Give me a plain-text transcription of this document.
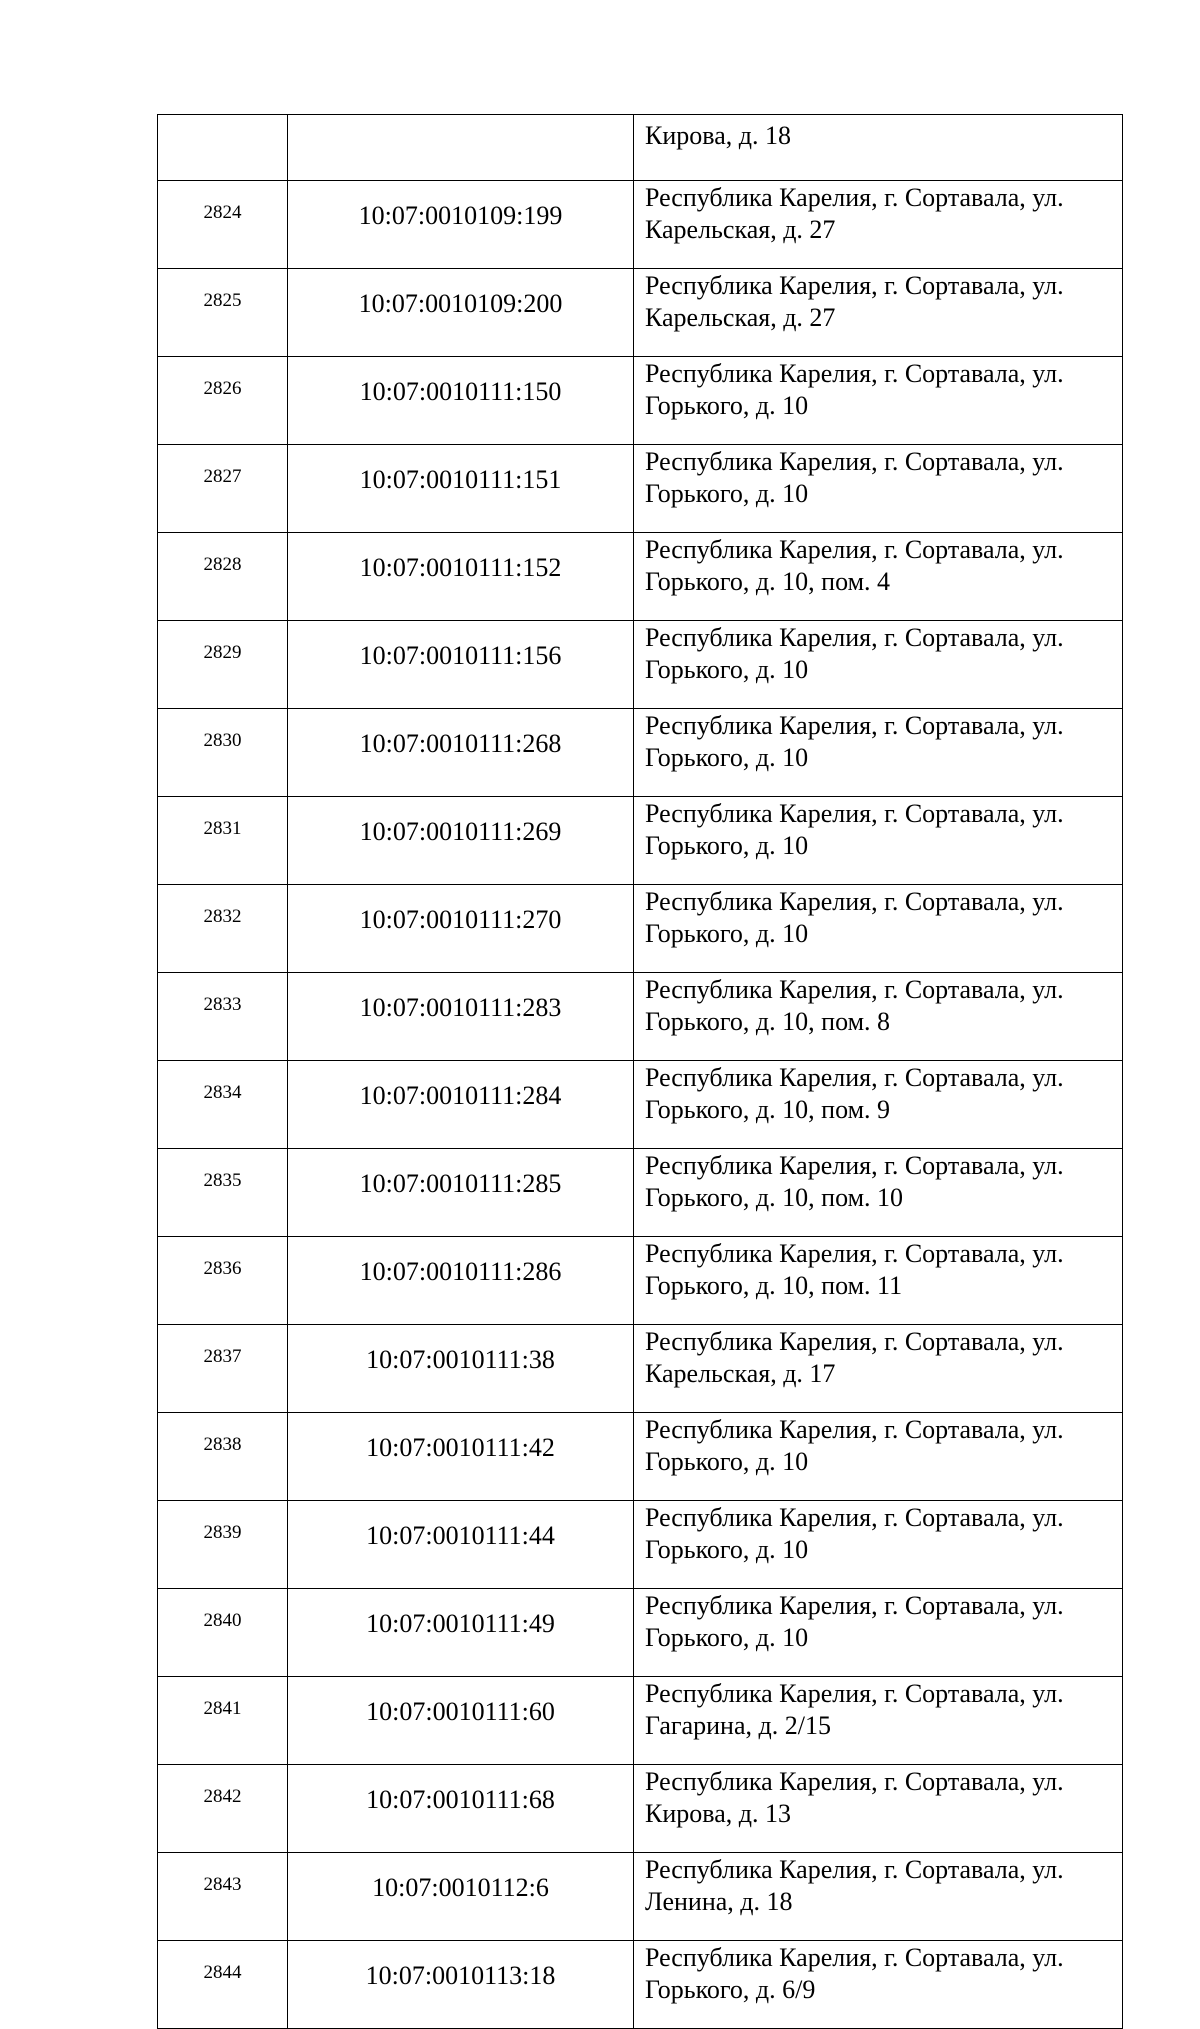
		Кирова, д. 18

2824	10:07:0010109:199	Республика Карелия, г. Сортавала, ул.
Карельская, д. 27

2825	10:07:0010109:200	Республика Карелия, г. Сортавала, ул.
Карельская, д. 27

2826	10:07:0010111:150	Республика Карелия, г. Сортавала, ул.
Горького, д. 10

2827	10:07:0010111:151	Республика Карелия, г. Сортавала, ул.
Горького, д. 10

2828	10:07:0010111:152	Республика Карелия, г. Сортавала, ул.
Горького, д. 10, пом. 4

2829	10:07:0010111:156	Республика Карелия, г. Сортавала, ул.
Горького, д. 10

2830	10:07:0010111:268	Республика Карелия, г. Сортавала, ул.
Горького, д. 10

2831	10:07:0010111:269	Республика Карелия, г. Сортавала, ул.
Горького, д. 10

2832	10:07:0010111:270	Республика Карелия, г. Сортавала, ул.
Горького, д. 10

2833	10:07:0010111:283	Республика Карелия, г. Сортавала, ул.
Горького, д. 10, пом. 8

2834	10:07:0010111:284	Республика Карелия, г. Сортавала, ул.
Горького, д. 10, пом. 9

2835	10:07:0010111:285	Республика Карелия, г. Сортавала, ул.
Горького, д. 10, пом. 10

2836	10:07:0010111:286	Республика Карелия, г. Сортавала, ул.
Горького, д. 10, пом. 11

2837	10:07:0010111:38	Республика Карелия, г. Сортавала, ул.
Карельская, д. 17

2838	10:07:0010111:42	Республика Карелия, г. Сортавала, ул.
Горького, д. 10

2839	10:07:0010111:44	Республика Карелия, г. Сортавала, ул.
Горького, д. 10

2840	10:07:0010111:49	Республика Карелия, г. Сортавала, ул.
Горького, д. 10

2841	10:07:0010111:60	Республика Карелия, г. Сортавала, ул.
Гагарина, д. 2/15

2842	10:07:0010111:68	Республика Карелия, г. Сортавала, ул.
Кирова, д. 13

2843	10:07:0010112:6	Республика Карелия, г. Сортавала, ул.
Ленина, д. 18

2844	10:07:0010113:18	Республика Карелия, г. Сортавала, ул.
Горького, д. 6/9
